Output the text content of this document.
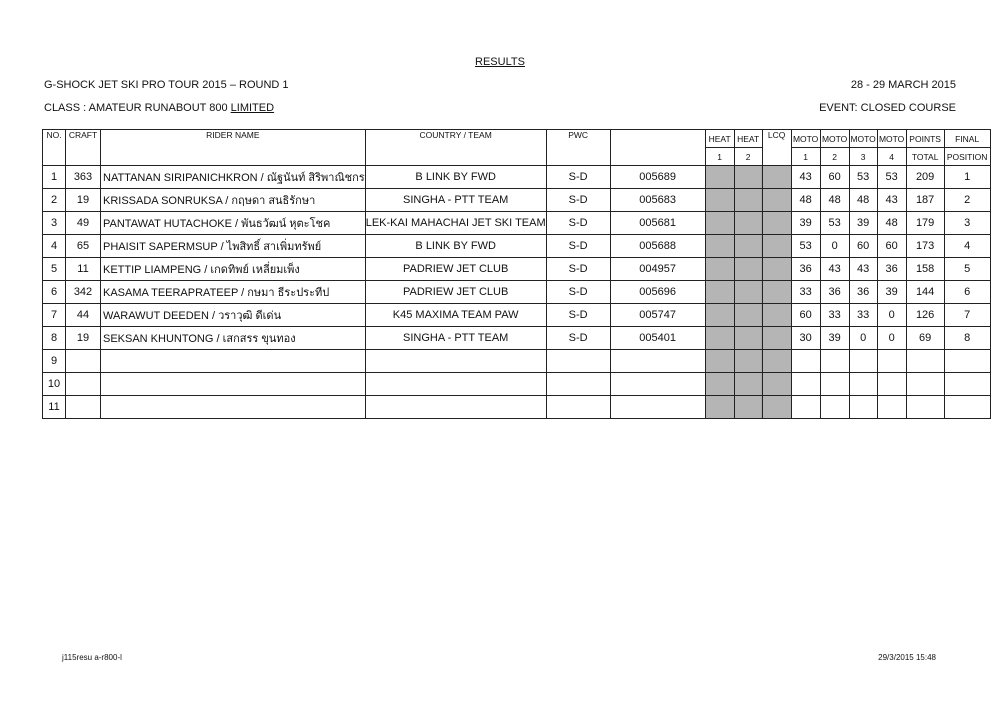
RESULTS
G-SHOCK JET SKI PRO TOUR 2015 – ROUND 1	28 - 29 MARCH 2015
CLASS : AMATEUR RUNABOUT 800 LIMITED	EVENT: CLOSED COURSE
NO.	CRAFT	RIDER NAME	COUNTRY / TEAM	PWC		HEAT	HEAT	LCQ	MOTO	MOTO	MOTO	MOTO	POINTS	FINAL
						1	2		1	2	3	4	TOTAL	POSITION
1	363	NATTANAN SIRIPANICHKRON / ณัฐนันท์ สิริพาณิชกร	B LINK BY FWD	S-D	005689				43	60	53	53	209	1
2	19	KRISSADA SONRUKSA / กฤษดา สนธิรักษา	SINGHA - PTT TEAM	S-D	005683				48	48	48	43	187	2
3	49	PANTAWAT HUTACHOKE / พันธวัฒน์ หุตะโชค	LEK-KAI MAHACHAI JET SKI TEAM	S-D	005681				39	53	39	48	179	3
4	65	PHAISIT SAPERMSUP / ไพสิทธิ์ สาเพิ่มทรัพย์	B LINK BY FWD	S-D	005688				53	0	60	60	173	4
5	11	KETTIP LIAMPENG / เกดทิพย์ เหลี่ยมเพ็ง	PADRIEW JET CLUB	S-D	004957				36	43	43	36	158	5
6	342	KASAMA TEERAPRATEEP / กษมา ธีระประทีป	PADRIEW JET CLUB	S-D	005696				33	36	36	39	144	6
7	44	WARAWUT DEEDEN / วราวุฒิ ดีเด่น	K45 MAXIMA TEAM PAW	S-D	005747				60	33	33	0	126	7
8	19	SEKSAN KHUNTONG / เสกสรร ขุนทอง	SINGHA - PTT TEAM	S-D	005401				30	39	0	0	69	8
9														
10														
11														
j115resu a-r800-l	29/3/2015 15:48
